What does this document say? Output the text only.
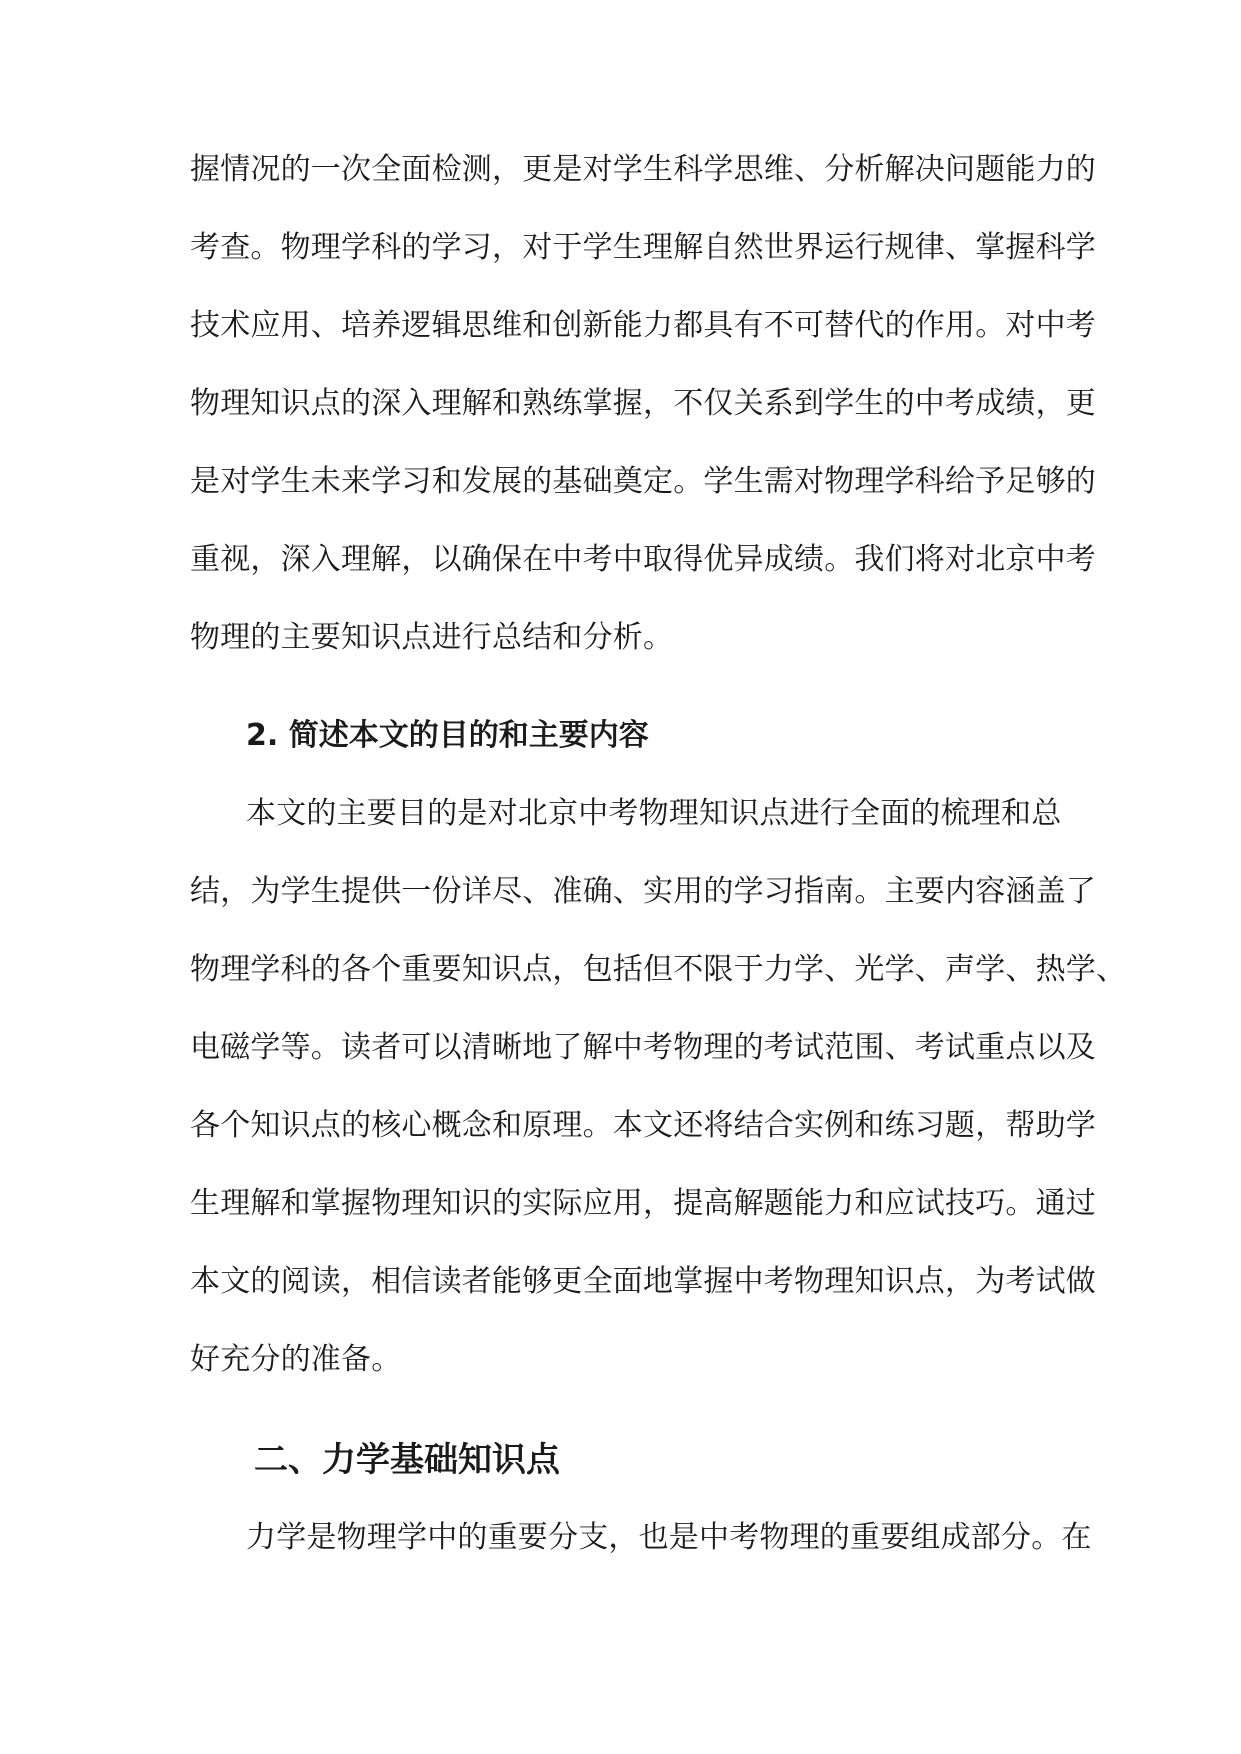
握情况的一次全面检测，更是对学生科学思维、分析解决问题能力的
考查。物理学科的学习，对于学生理解自然世界运行规律、掌握科学
技术应用、培养逻辑思维和创新能力都具有不可替代的作用。对中考
物理知识点的深入理解和熟练掌握，不仅关系到学生的中考成绩，更
是对学生未来学习和发展的基础奠定。学生需对物理学科给予足够的
重视，深入理解，以确保在中考中取得优异成绩。我们将对北京中考
物理的主要知识点进行总结和分析。
2. 简述本文的目的和主要内容
本文的主要目的是对北京中考物理知识点进行全面的梳理和总
结，为学生提供一份详尽、准确、实用的学习指南。主要内容涵盖了
物理学科的各个重要知识点，包括但不限于力学、光学、声学、热学、
电磁学等。读者可以清晰地了解中考物理的考试范围、考试重点以及
各个知识点的核心概念和原理。本文还将结合实例和练习题，帮助学
生理解和掌握物理知识的实际应用，提高解题能力和应试技巧。通过
本文的阅读，相信读者能够更全面地掌握中考物理知识点，为考试做
好充分的准备。
二、力学基础知识点
力学是物理学中的重要分支，也是中考物理的重要组成部分。在
